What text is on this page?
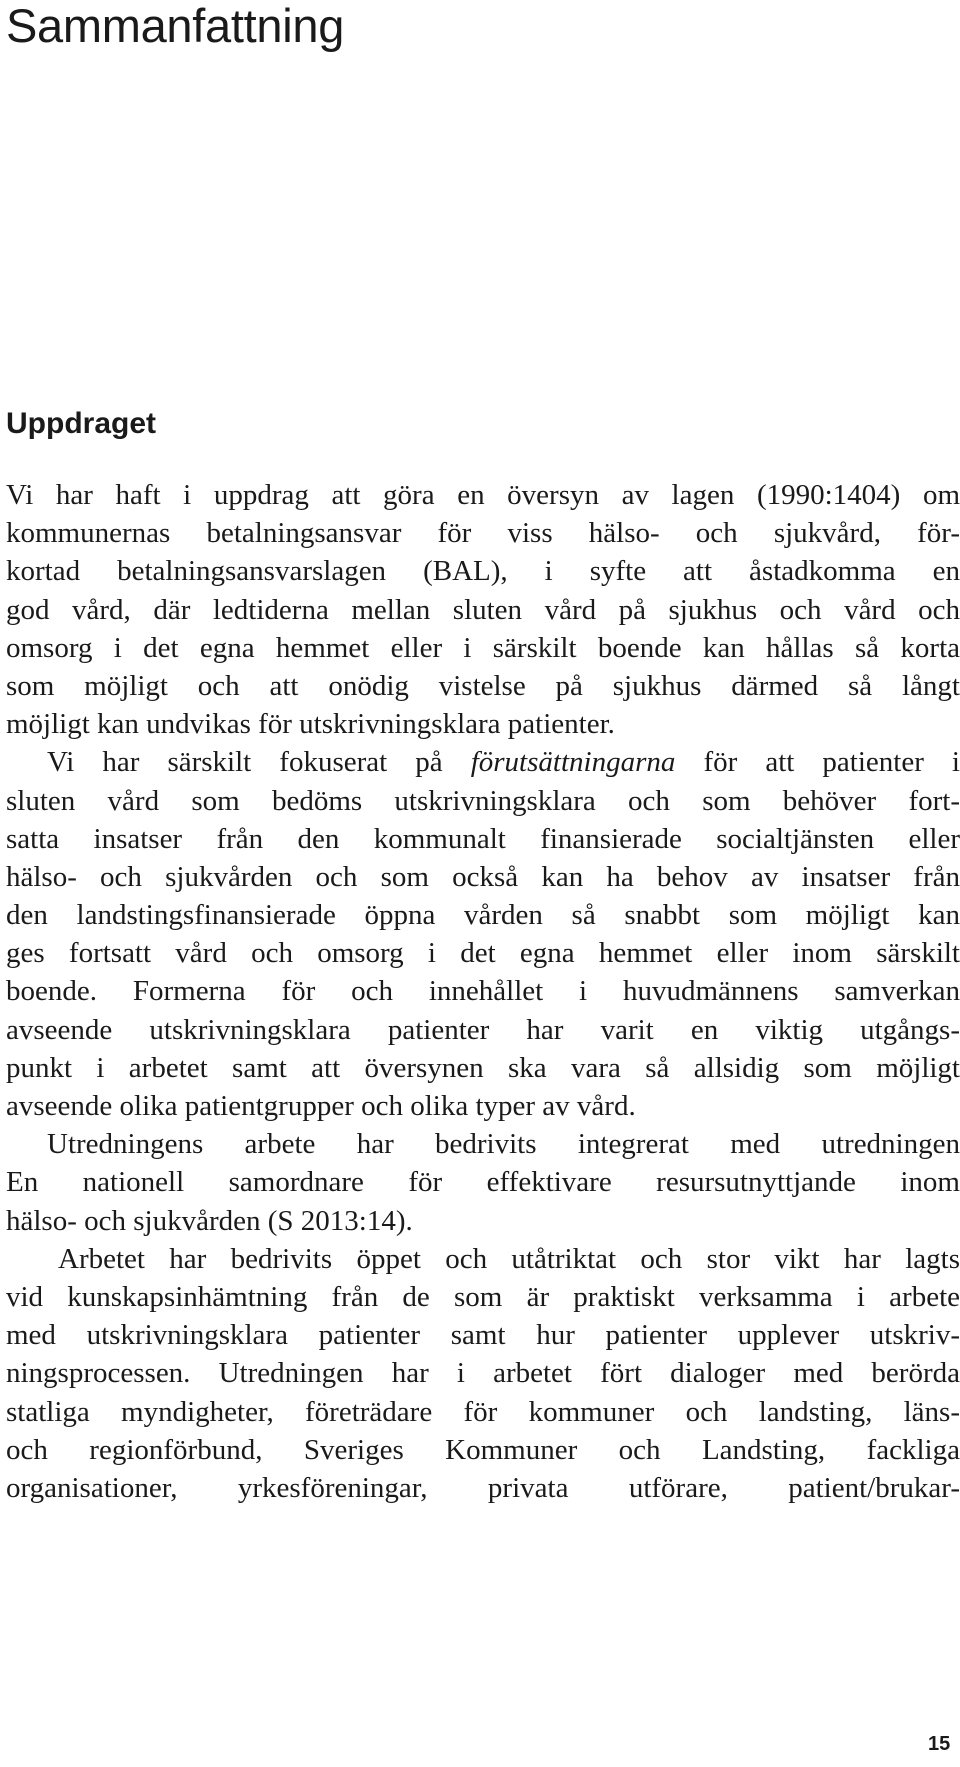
Sammanfattning
Uppdraget
Vi har haft i uppdrag att göra en översyn av lagen (1990:1404) om
kommunernas betalningsansvar för viss hälso- och sjukvård, för-
kortad betalningsansvarslagen (BAL), i syfte att åstadkomma en
god vård, där ledtiderna mellan sluten vård på sjukhus och vård och
omsorg i det egna hemmet eller i särskilt boende kan hållas så korta
som möjligt och att onödig vistelse på sjukhus därmed så långt
möjligt kan undvikas för utskrivningsklara patienter.
Vi har särskilt fokuserat på förutsättningarna för att patienter i
sluten vård som bedöms utskrivningsklara och som behöver fort-
satta insatser från den kommunalt finansierade socialtjänsten eller
hälso- och sjukvården och som också kan ha behov av insatser från
den landstingsfinansierade öppna vården så snabbt som möjligt kan
ges fortsatt vård och omsorg i det egna hemmet eller inom särskilt
boende. Formerna för och innehållet i huvudmännens samverkan
avseende utskrivningsklara patienter har varit en viktig utgångs-
punkt i arbetet samt att översynen ska vara så allsidig som möjligt
avseende olika patientgrupper och olika typer av vård.
Utredningens arbete har bedrivits integrerat med utredningen
En nationell samordnare för effektivare resursutnyttjande inom
hälso- och sjukvården (S 2013:14).
Arbetet har bedrivits öppet och utåtriktat och stor vikt har lagts
vid kunskapsinhämtning från de som är praktiskt verksamma i arbete
med utskrivningsklara patienter samt hur patienter upplever utskriv-
ningsprocessen. Utredningen har i arbetet fört dialoger med berörda
statliga myndigheter, företrädare för kommuner och landsting, läns-
och regionförbund, Sveriges Kommuner och Landsting, fackliga
organisationer, yrkesföreningar, privata utförare, patient/brukar-
15
